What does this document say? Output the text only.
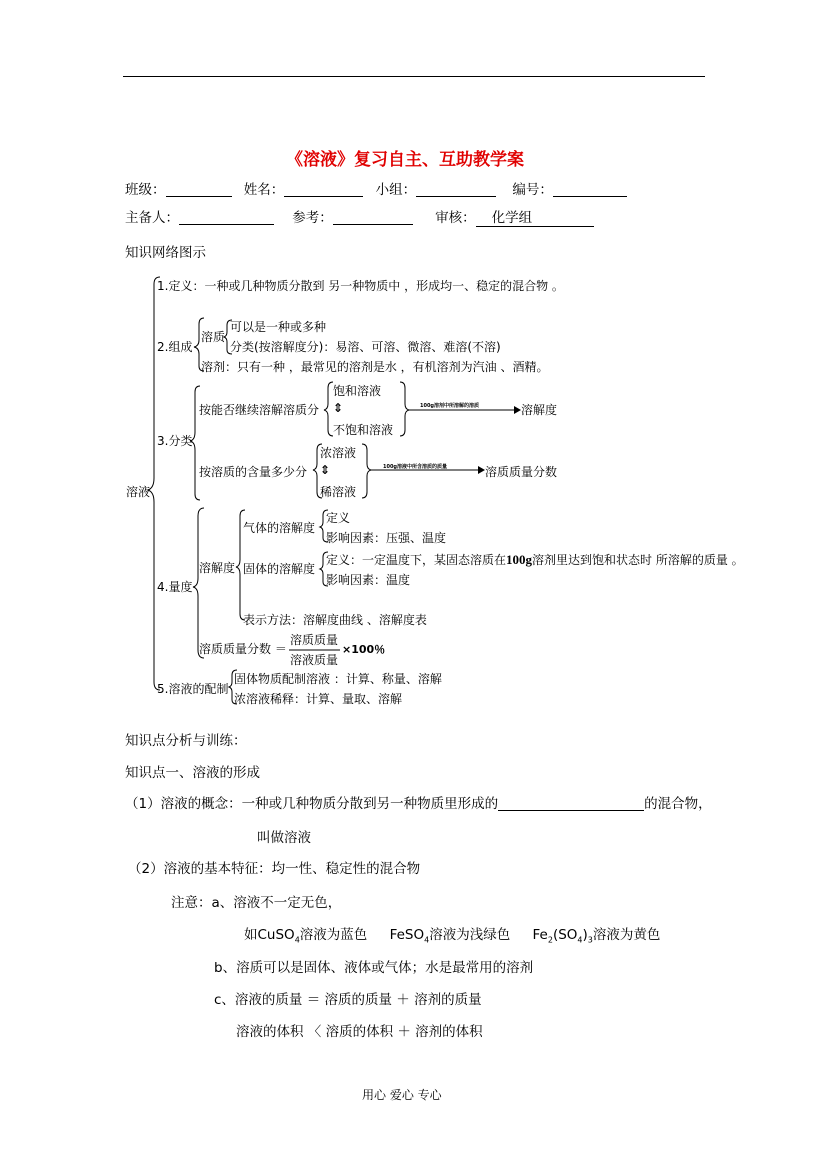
《溶液》复习自主、互助教学案
班级：	姓名：	小组：	编号：
主备人：	参考：	审核： 化学组
知识网络图示
溶液
1.定义：一种或几种物质分散到 另一种物质中 ，形成均一、稳定的混合物 。
2.组成
溶质
可以是一种或多种
分类(按溶解度分)：易溶、可溶、微溶、难溶(不溶)
溶剂：只有一种 ，最常见的溶剂是水 ，有机溶剂为汽油 、酒精。
3.分类
按能否继续溶解溶质分
饱和溶液
⇕
不饱和溶液
100g溶剂中所溶解的溶质	溶解度
按溶质的含量多少分
浓溶液
⇕
稀溶液
100g溶液中所含溶质的质量	溶质质量分数
4.量度
溶解度
气体的溶解度
定义
影响因素：压强、温度
固体的溶解度
定义：一定温度下，某固态溶质在100g溶剂里达到饱和状态时 所溶解的质量 。
影响因素：温度
表示方法：溶解度曲线 、溶解度表
溶质质量分数 ＝
溶质质量
溶液质量
×100％
5.溶液的配制
固体物质配制溶液 ：计算、称量、溶解
浓溶液稀释：计算、量取、溶解
知识点分析与训练：
知识点一、溶液的形成
（1）溶液的概念：一种或几种物质分散到另一种物质里形成的	的混合物，
叫做溶液
（2）溶液的基本特征：均一性、稳定性的混合物
注意：a、溶液不一定无色，
如CuSO$_4$溶液为蓝色 FeSO$_4$溶液为浅绿色 $Fe_2(SO_4)_3$溶液为黄色
b、溶质可以是固体、液体或气体；水是最常用的溶剂
c、溶液的质量 ＝ 溶质的质量 ＋ 溶剂的质量
溶液的体积 〈 溶质的体积 ＋ 溶剂的体积
用心 爱心 专心
